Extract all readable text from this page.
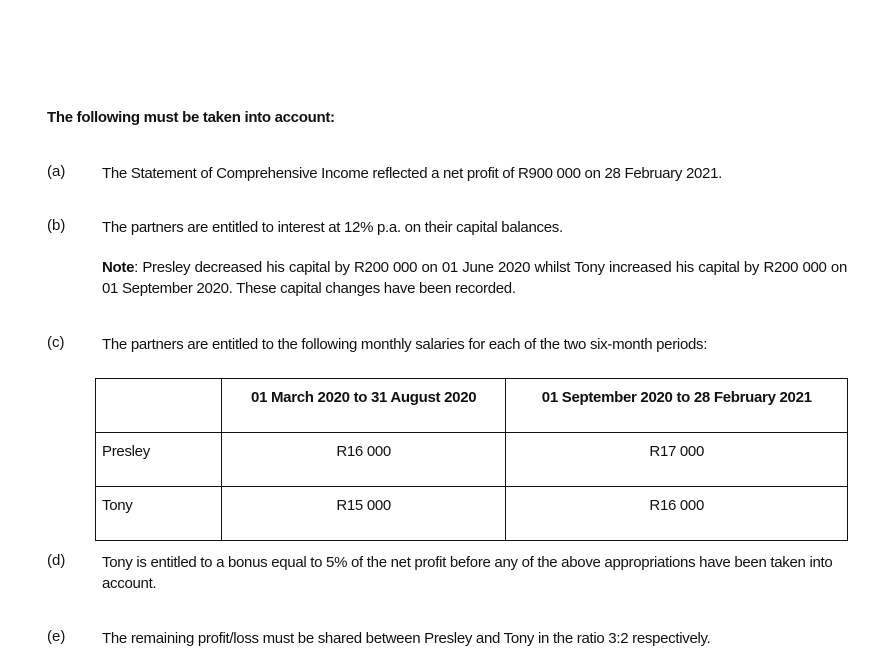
The following must be taken into account:
(a) The Statement of Comprehensive Income reflected a net profit of R900 000 on 28 February 2021.
(b) The partners are entitled to interest at 12% p.a. on their capital balances.
Note: Presley decreased his capital by R200 000 on 01 June 2020 whilst Tony increased his capital by R200 000 on 01 September 2020. These capital changes have been recorded.
(c)	The partners are entitled to the following monthly salaries for each of the two six-month periods:
	01 March 2020 to 31 August 2020	01 September 2020 to 28 February 2021
Presley	R16 000	R17 000
Tony	R15 000	R16 000
(d) Tony is entitled to a bonus equal to 5% of the net profit before any of the above appropriations have been taken into account.
(e) The remaining profit/loss must be shared between Presley and Tony in the ratio 3:2 respectively.
